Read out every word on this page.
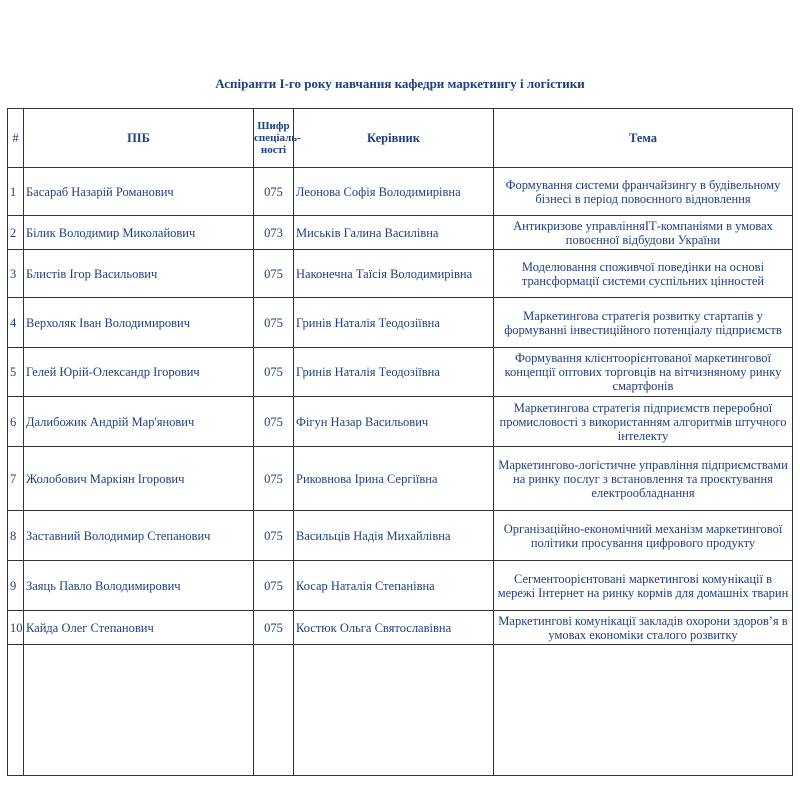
Аспіранти І-го року навчання кафедри маркетингу і логістики
#	ПІБ	Шифр спеціаль-ності	Керівник	Тема
1	Басараб Назарій Романович	075	Леонова Софія Володимирівна	Формування системи франчайзингу в будівельному бізнесі в період повоєнного відновлення
2	Білик Володимир Миколайович	073	Миськів Галина Василівна	Антикризове управлінняІТ-компаніями в умовах повоєнної відбудови України
3	Блистів Ігор Васильович	075	Наконечна Таїсія Володимирівна	Моделювання споживчої поведінки на основі трансформації системи суспільних цінностей
4	Верхоляк Іван Володимирович	075	Гринів Наталія Теодозіївна	Маркетингова стратегія розвитку стартапів у формуванні інвестиційного потенціалу підприємств
5	Гелей Юрій-Олександр Ігорович	075	Гринів Наталія Теодозіївна	Формування клієнтоорієнтованої маркетингової концепції оптових торговців на вітчизняному ринку смартфонів
6	Далибожик Андрій Мар'янович	075	Фігун Назар Васильович	Маркетингова стратегія підприємств переробної промисловості з використанням алгоритмів штучного інтелекту
7	Жолобович Маркіян Ігорович	075	Риковнова Ірина Сергіївна	Маркетингово-логістичне управління підприємствами на ринку послуг з встановлення та проєктування електрообладнання
8	Заставний Володимир Степанович	075	Васильців Надія Михайлівна	Організаційно-економічний механізм маркетингової політики просування цифрового продукту
9	Заяць Павло Володимирович	075	Косар Наталія Степанівна	Сегментоорієнтовані маркетингові комунікації в мережі Інтернет на ринку кормів для домашніх тварин
10	Кайда Олег Степанович	075	Костюк Ольга Святославівна	Маркетингові комунікації закладів охорони здоров’я в умовах економіки сталого розвитку
